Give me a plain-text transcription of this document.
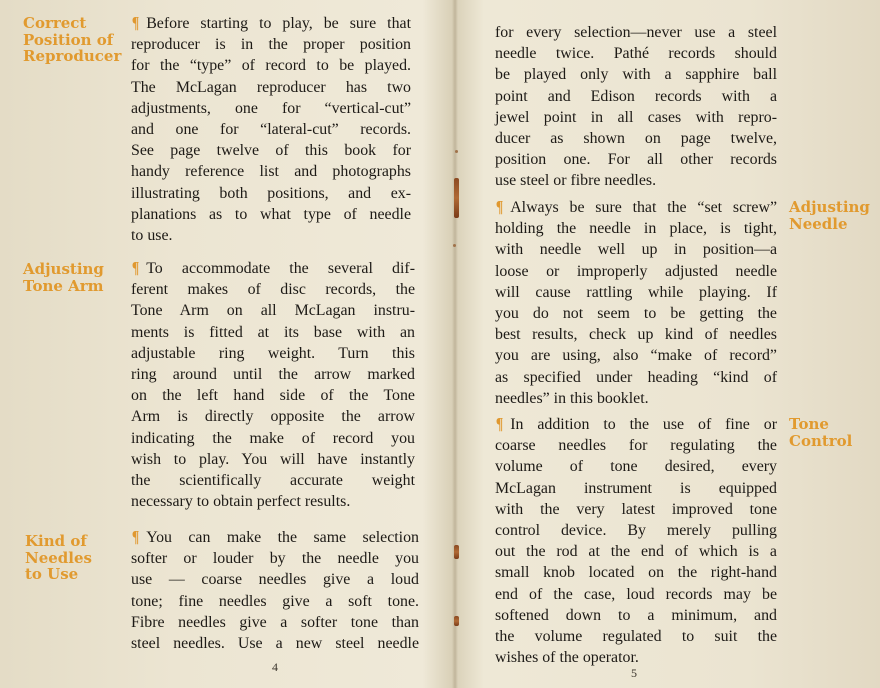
Correct
Position of
Reproducer
Adjusting
Tone Arm
Kind of
Needles
to Use
¶ Before starting to play, be sure that
reproducer is in the proper position
for the “type” of record to be played.
The McLagan reproducer has two
adjustments, one for “vertical-cut”
and one for “lateral-cut” records.
See page twelve of this book for
handy reference list and photographs
illustrating both positions, and ex-
planations as to what type of needle
to use.
¶ To accommodate the several dif-
ferent makes of disc records, the
Tone Arm on all McLagan instru-
ments is fitted at its base with an
adjustable ring weight. Turn this
ring around until the arrow marked
on the left hand side of the Tone
Arm is directly opposite the arrow
indicating the make of record you
wish to play. You will have instantly
the scientifically accurate weight
necessary to obtain perfect results.
¶ You can make the same selection
softer or louder by the needle you
use — coarse needles give a loud
tone; fine needles give a soft tone.
Fibre needles give a softer tone than
steel needles. Use a new steel needle
4
for every selection—never use a steel
needle twice. Pathé records should
be played only with a sapphire ball
point and Edison records with a
jewel point in all cases with repro-
ducer as shown on page twelve,
position one. For all other records
use steel or fibre needles.
¶ Always be sure that the “set screw”
holding the needle in place, is tight,
with needle well up in position—a
loose or improperly adjusted needle
will cause rattling while playing. If
you do not seem to be getting the
best results, check up kind of needles
you are using, also “make of record”
as specified under heading “kind of
needles” in this booklet.
Adjusting
Needle
¶ In addition to the use of fine or
coarse needles for regulating the
volume of tone desired, every
McLagan instrument is equipped
with the very latest improved tone
control device. By merely pulling
out the rod at the end of which is a
small knob located on the right-hand
end of the case, loud records may be
softened down to a minimum, and
the volume regulated to suit the
wishes of the operator.
Tone
Control
5
